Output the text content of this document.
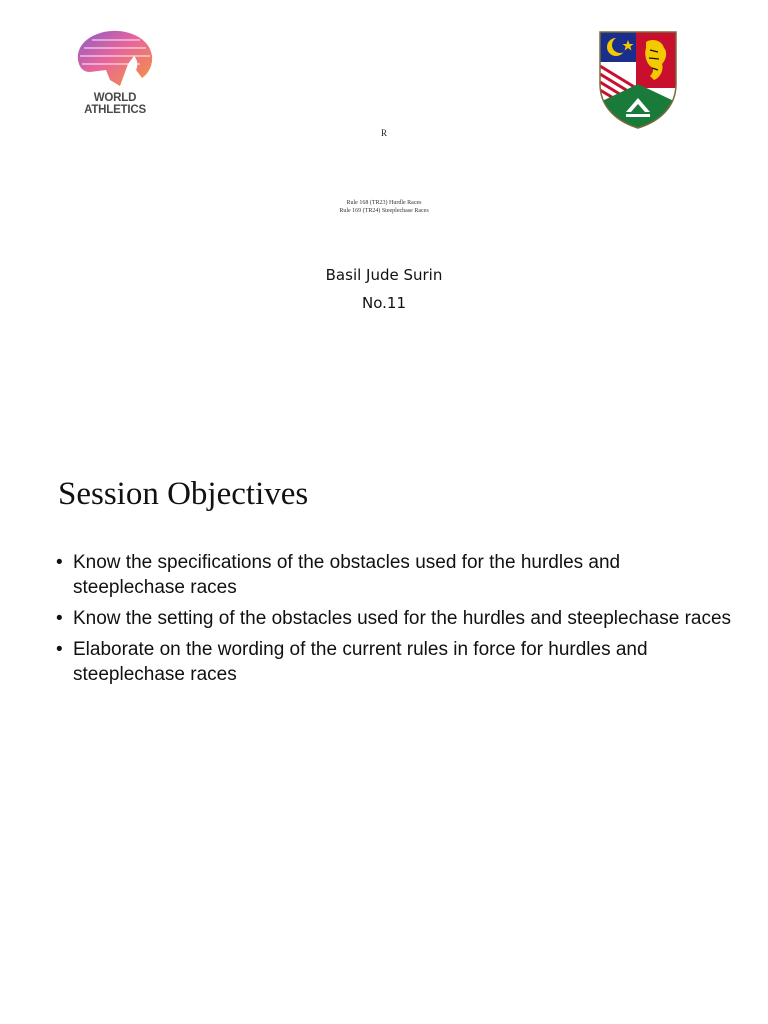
WORLD
ATHLETICS
R
Rule 168 (TR23) Hurdle Races
Rule 169 (TR24) Steeplechase Races
Basil Jude Surin
No.11
Session Objectives
• Know the specifications of the obstacles used for the hurdles and steeplechase races
• Know the setting of the obstacles used for the hurdles and steeplechase races
• Elaborate on the wording of the current rules in force for hurdles and steeplechase races
